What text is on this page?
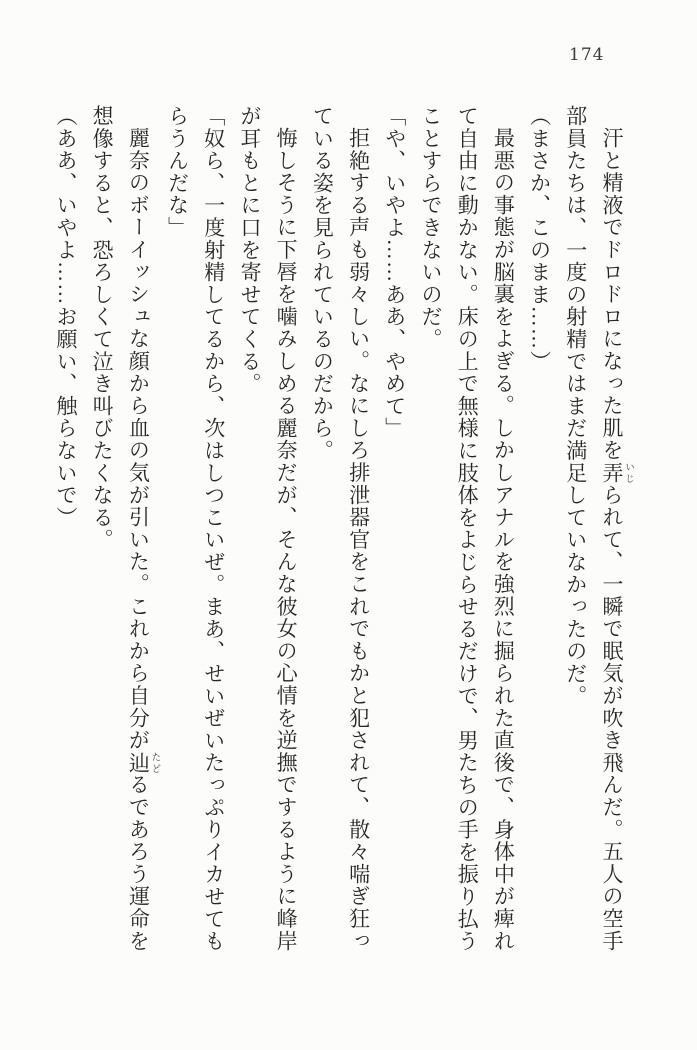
174
汗と精液でドロドロになった肌を弄 いじられて、一瞬で眠気が吹き飛んだ。五人の空手
部員たちは、一度の射精ではまだ満足していなかったのだ。
（まさか、このまま……）
最悪の事態が脳裏をよぎる。しかしアナルを強烈に掘られた直後で、身体中が痺れ
て自由に動かない。床の上で無様に肢体をよじらせるだけで、男たちの手を振り払う
ことすらできないのだ。
「や、いやよ……ああ、やめて」
拒絶する声も弱々しい。なにしろ排泄器官をこれでもかと犯されて、散々喘ぎ狂っ
ている姿を見られているのだから。
悔しそうに下唇を噛みしめる麗奈だが、そんな彼女の心情を逆撫でするように峰岸
が耳もとに口を寄せてくる。
「奴ら、一度射精してるから、次はしつこいぜ。まあ、せいぜいたっぷりイカせても
らうんだな」
麗奈のボーイッシュな顔から血の気が引いた。これから自分が辿 たどるであろう運命を
想像すると、恐ろしくて泣き叫びたくなる。
（ああ、いやよ……お願い、触らないで）
